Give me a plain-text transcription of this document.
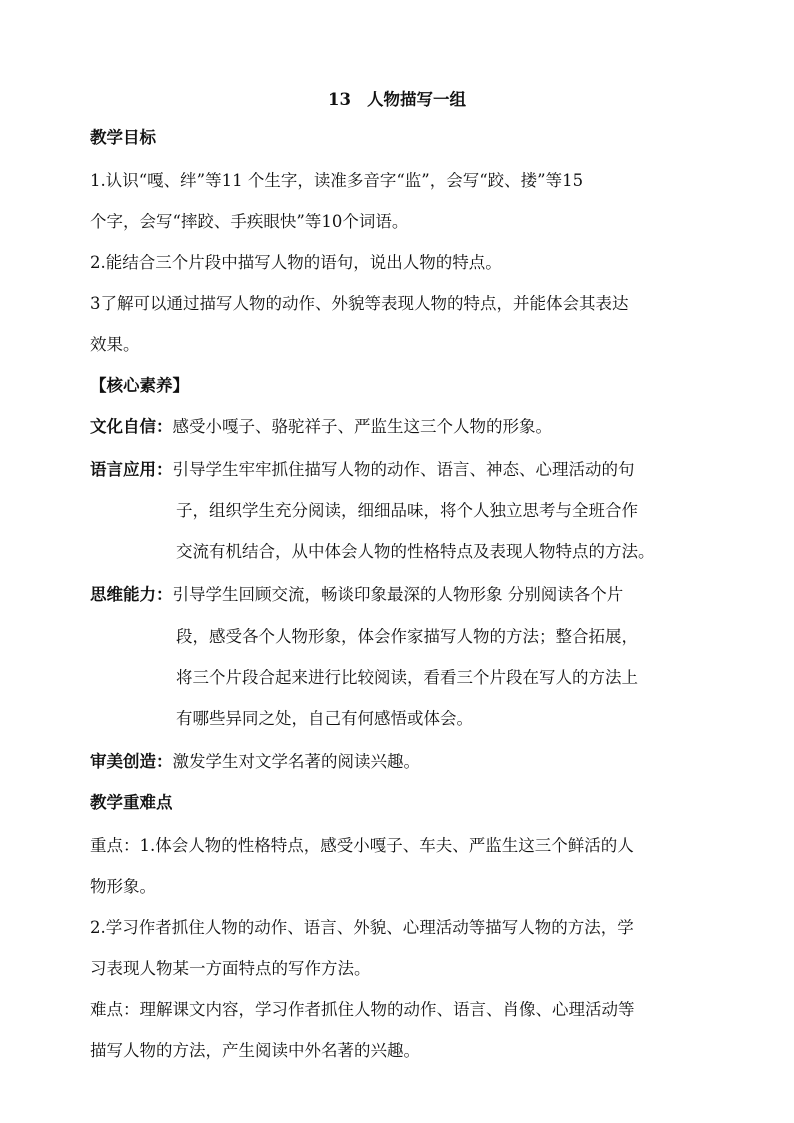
13 人物描写一组
教学目标
1.认识“嘎、绊”等11 个生字，读准多音字“监”，会写“跤、搂”等15
个字，会写“摔跤、手疾眼快”等10个词语。
2.能结合三个片段中描写人物的语句，说出人物的特点。
3了解可以通过描写人物的动作、外貌等表现人物的特点，并能体会其表达
效果。
【核心素养】
文化自信：感受小嘎子、骆驼祥子、严监生这三个人物的形象。
语言应用：引导学生牢牢抓住描写人物的动作、语言、神态、心理活动的句
子，组织学生充分阅读，细细品味，将个人独立思考与全班合作
交流有机结合，从中体会人物的性格特点及表现人物特点的方法。
思维能力：引导学生回顾交流，畅谈印象最深的人物形象 分别阅读各个片
段，感受各个人物形象，体会作家描写人物的方法；整合拓展，
将三个片段合起来进行比较阅读，看看三个片段在写人的方法上
有哪些异同之处，自己有何感悟或体会。
审美创造：激发学生对文学名著的阅读兴趣。
教学重难点
重点：1.体会人物的性格特点，感受小嘎子、车夫、严监生这三个鲜活的人
物形象。
2.学习作者抓住人物的动作、语言、外貌、心理活动等描写人物的方法，学
习表现人物某一方面特点的写作方法。
难点：理解课文内容，学习作者抓住人物的动作、语言、肖像、心理活动等
描写人物的方法，产生阅读中外名著的兴趣。
